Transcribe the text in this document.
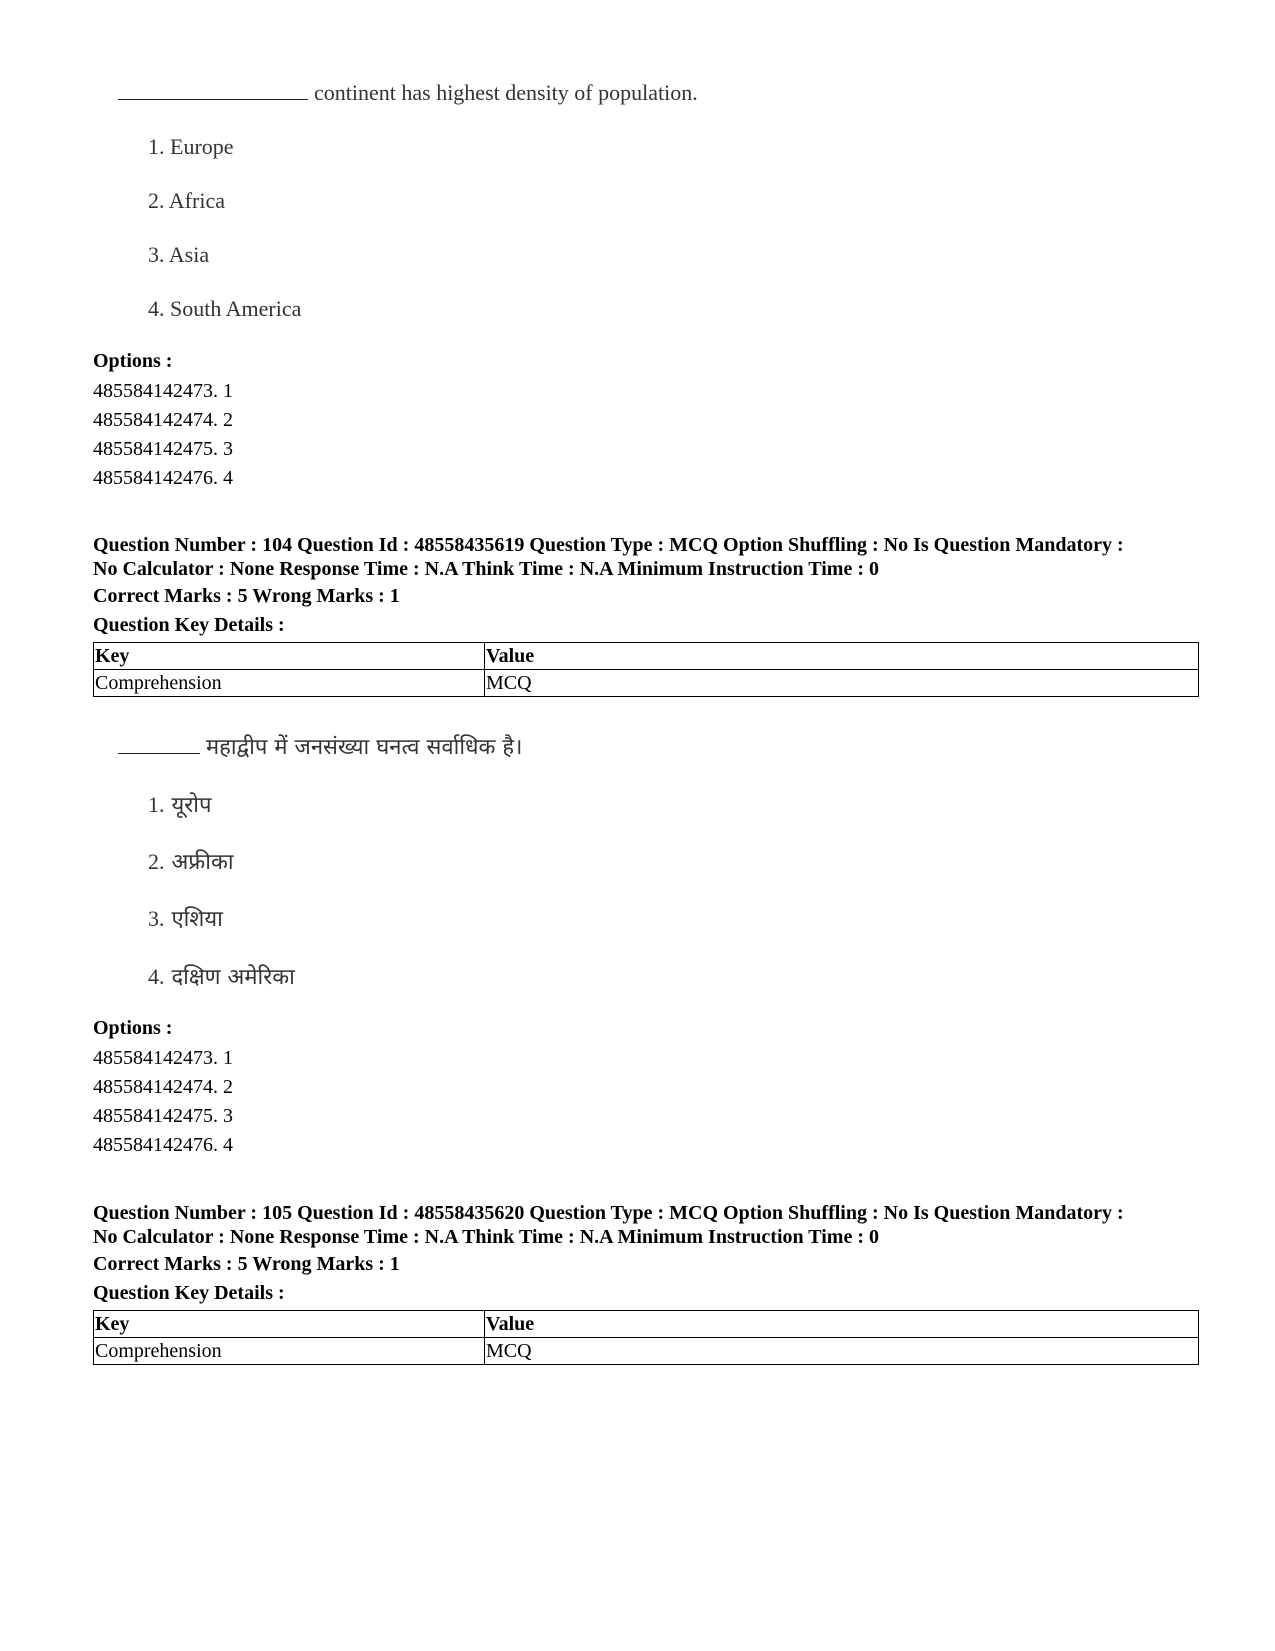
continent has highest density of population.
1. Europe
2. Africa
3. Asia
4. South America
Options :
485584142473. 1
485584142474. 2
485584142475. 3
485584142476. 4
Question Number : 104 Question Id : 48558435619 Question Type : MCQ Option Shuffling : No Is Question Mandatory :
No Calculator : None Response Time : N.A Think Time : N.A Minimum Instruction Time : 0
Correct Marks : 5 Wrong Marks : 1
Question Key Details :
Key	Value
Comprehension	MCQ
महाद्वीप में जनसंख्या घनत्व सर्वाधिक है।
1. यूरोप
2. अफ्रीका
3. एशिया
4. दक्षिण अमेरिका
Options :
485584142473. 1
485584142474. 2
485584142475. 3
485584142476. 4
Question Number : 105 Question Id : 48558435620 Question Type : MCQ Option Shuffling : No Is Question Mandatory :
No Calculator : None Response Time : N.A Think Time : N.A Minimum Instruction Time : 0
Correct Marks : 5 Wrong Marks : 1
Question Key Details :
Key	Value
Comprehension	MCQ
